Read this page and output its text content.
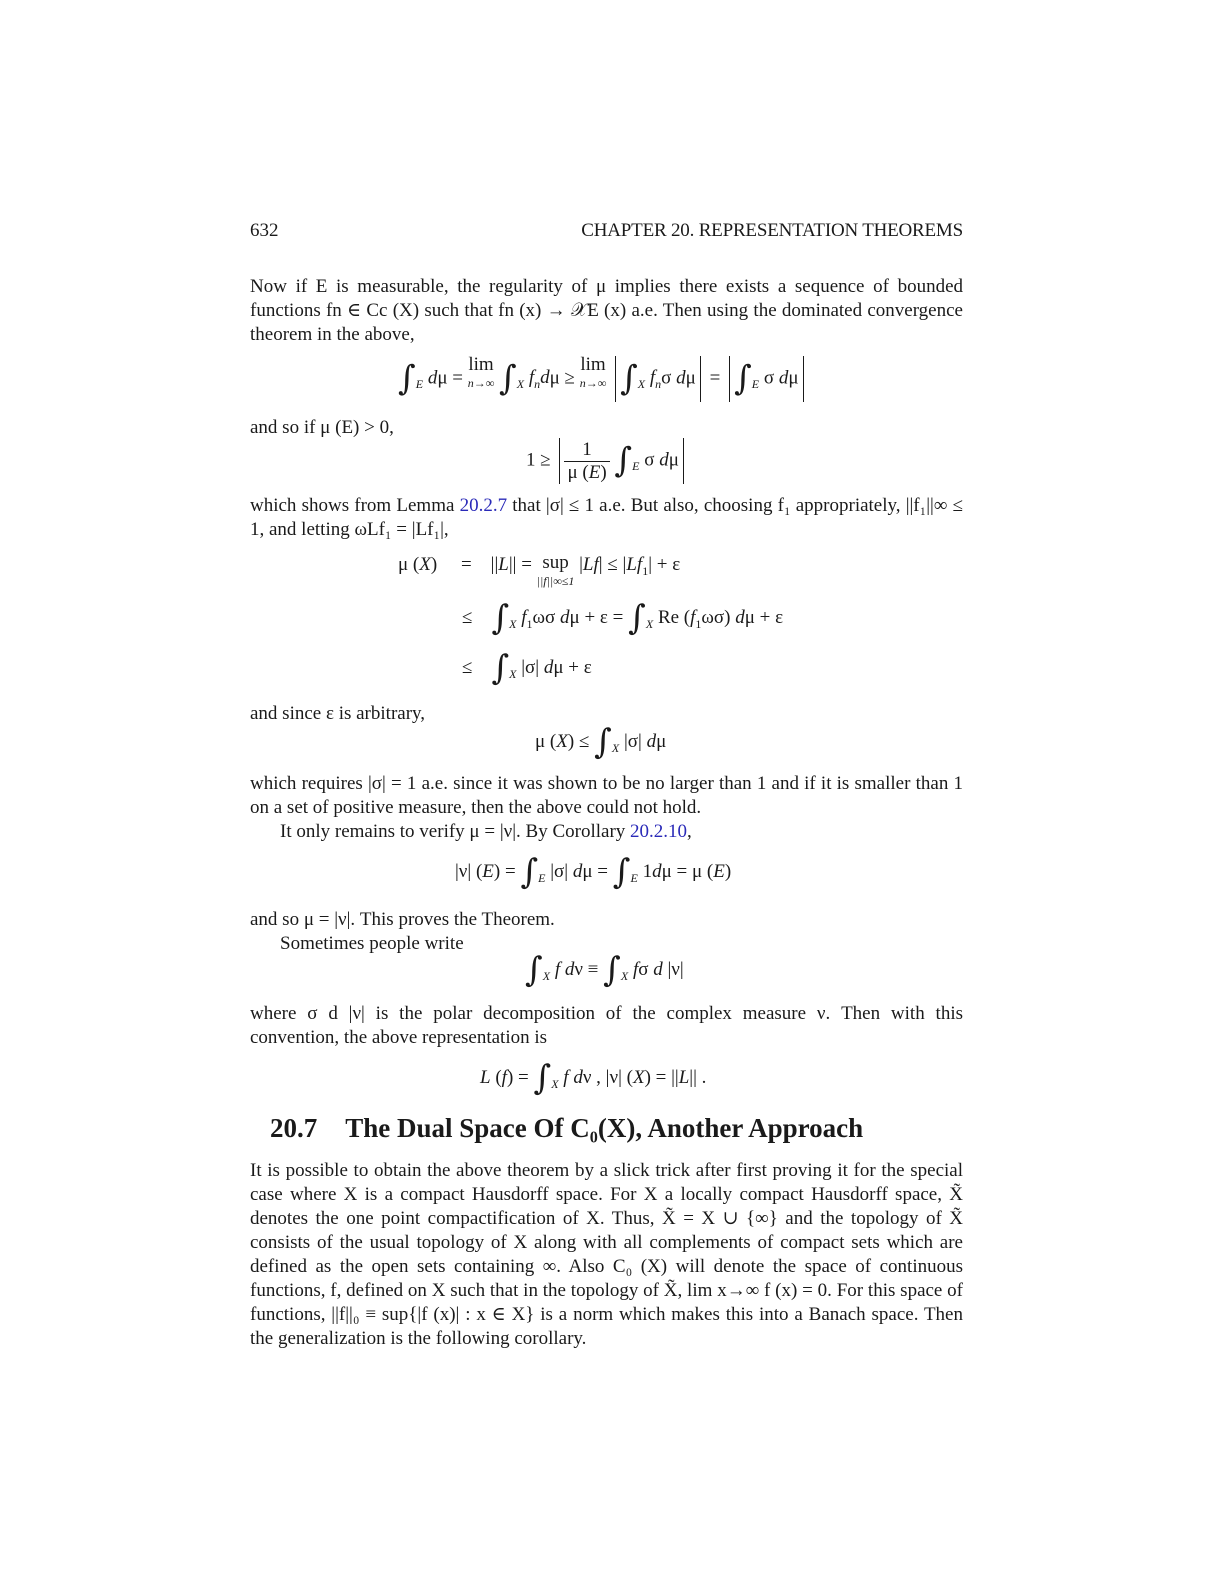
632	CHAPTER 20. REPRESENTATION THEOREMS
Now if E is measurable, the regularity of μ implies there exists a sequence of bounded functions fn ∈ Cc (X) such that fn (x) → 𝒳E (x) a.e. Then using the dominated convergence theorem in the above,
$\int_E$ dμ = lim
n→∞ $\int_X$ $f_nd\mu \ge \lim$
n→∞ $\int_X$ $f_n\sigma$ $d\mu = \int_E$ σ dμ
and so if μ (E) > 0,
$1 \ge \frac{1}{\mu (E)} \int_E$ σ dμ
which shows from Lemma 20.2.7 that |σ| ≤ 1 a.e. But also, choosing f₁ appropriately, ||f₁||∞ ≤ 1, and letting ωLf₁ = |Lf₁|,
μ (X)     =    ||L|| = sup
||f||∞≤1
$|Lf| \le |Lf_1| + \varepsilon$
≤    $\int_X$ $f_1\omega\sigma$ $d\mu + \varepsilon = \int_X$ Re $(f_1\omega\sigma) d\mu + \varepsilon$
≤    $\int_X$ |σ| dμ + ε
and since ε is arbitrary,
μ $(X) \le \int_X$ |σ| dμ
which requires |σ| = 1 a.e. since it was shown to be no larger than 1 and if it is smaller than 1 on a set of positive measure, then the above could not hold.
It only remains to verify μ = |ν|. By Corollary 20.2.10,
|ν| $(E) = \int_E$ |σ| $d\mu = \int_E$ 1dμ = μ (E)
and so μ = |ν|. This proves the Theorem.
Sometimes people write
$\int_X$ f $d\nu \equiv \int_X$ fσ d |ν|
where σ d |ν| is the polar decomposition of the complex measure ν. Then with this convention, the above representation is
L $(f) = \int_X$ f dν , |ν| (X) = ||L|| .
20.7 The Dual Space Of C₀(X), Another Approach
It is possible to obtain the above theorem by a slick trick after first proving it for the special case where X is a compact Hausdorff space. For X a locally compact Hausdorff space, X̃ denotes the one point compactification of X. Thus, X̃ = X ∪ {∞} and the topology of X̃ consists of the usual topology of X along with all complements of compact sets which are defined as the open sets containing ∞. Also C₀ (X) will denote the space of continuous functions, f, defined on X such that in the topology of X̃, lim x→∞ f (x) = 0. For this space of functions, ||f||₀ ≡ sup{|f (x)| : x ∈ X} is a norm which makes this into a Banach space. Then the generalization is the following corollary.
